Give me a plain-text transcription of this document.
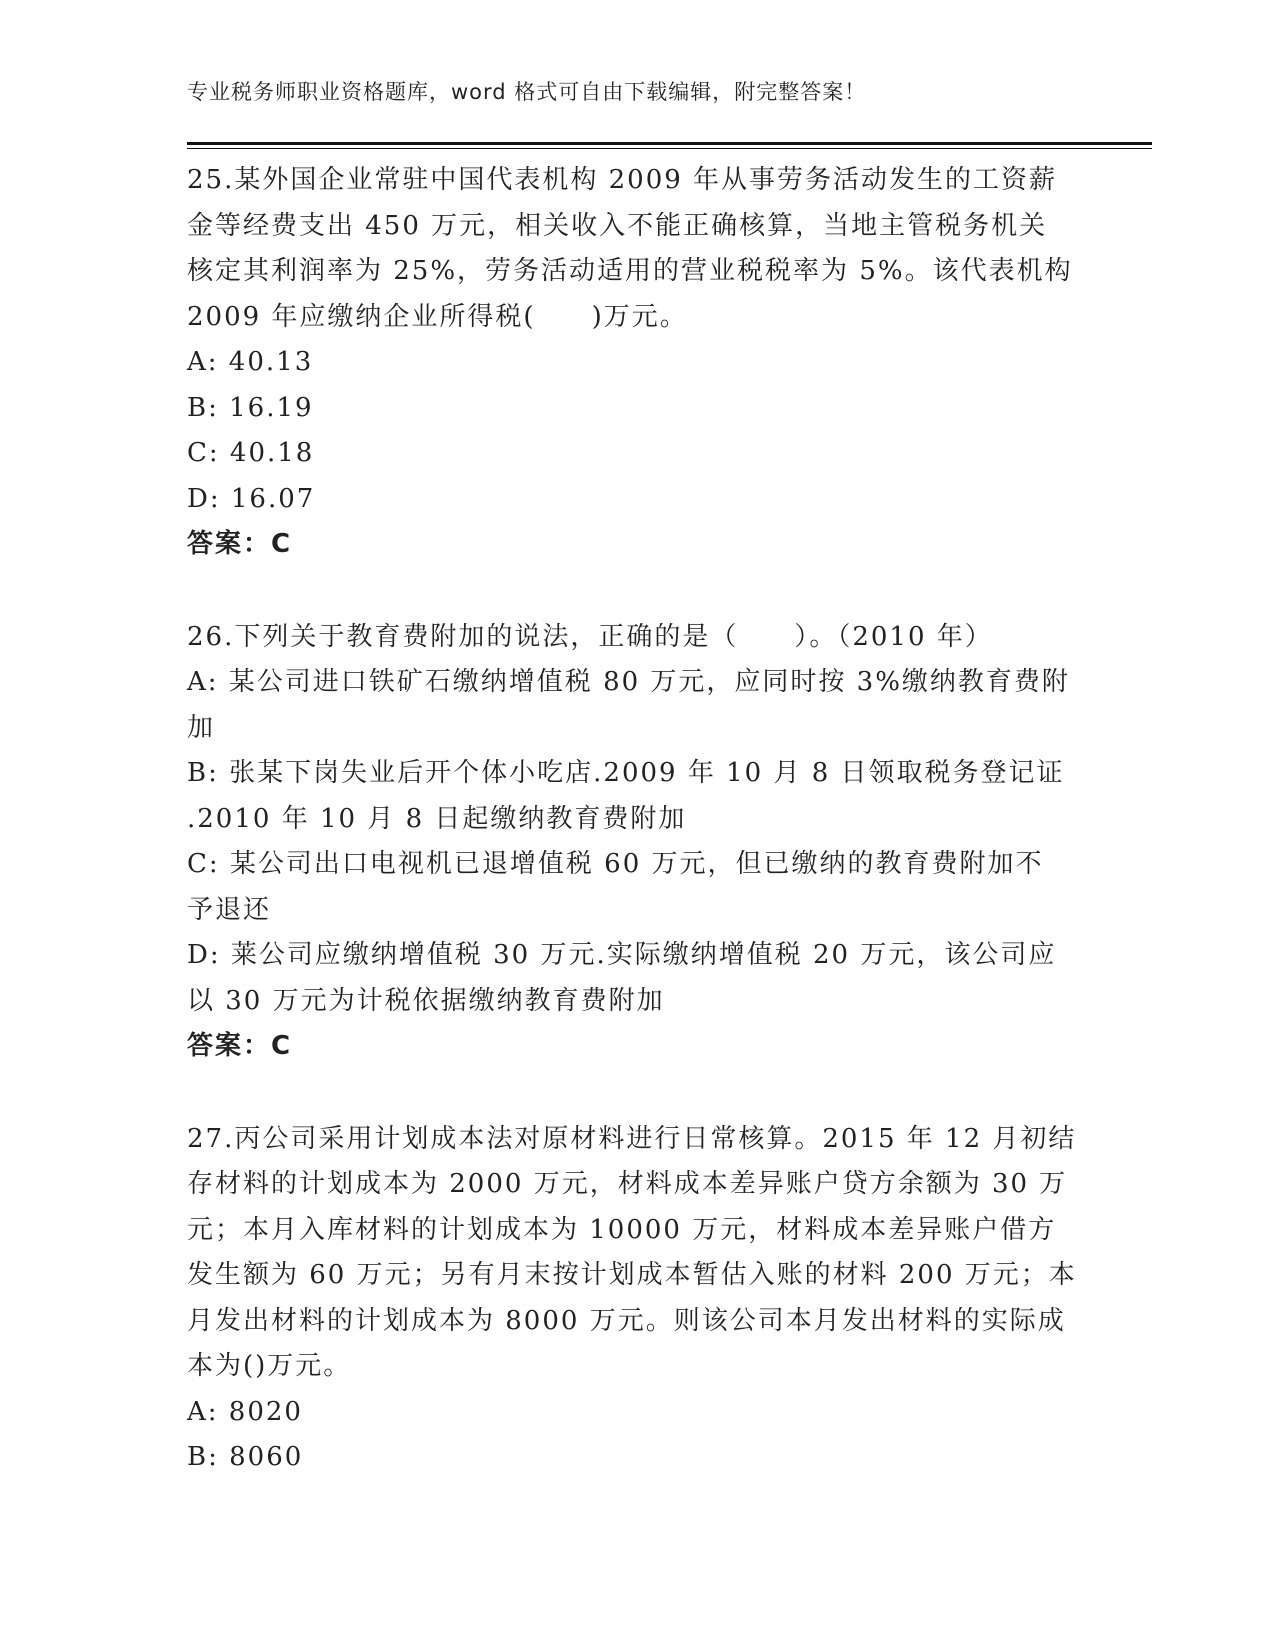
专业税务师职业资格题库，word 格式可自由下载编辑，附完整答案！
25.某外国企业常驻中国代表机构 2009 年从事劳务活动发生的工资薪
金等经费支出 450 万元，相关收入不能正确核算，当地主管税务机关
核定其利润率为 25%，劳务活动适用的营业税税率为 5%。该代表机构
2009 年应缴纳企业所得税(　　)万元。
A: 40.13
B: 16.19
C: 40.18
D: 16.07
答案：C
26.下列关于教育费附加的说法，正确的是（　　）。（2010 年）
A: 某公司进口铁矿石缴纳增值税 80 万元，应同时按 3%缴纳教育费附
加
B: 张某下岗失业后开个体小吃店.2009 年 10 月 8 日领取税务登记证
.2010 年 10 月 8 日起缴纳教育费附加
C: 某公司出口电视机已退增值税 60 万元，但已缴纳的教育费附加不
予退还
D: 莱公司应缴纳增值税 30 万元.实际缴纳增值税 20 万元，该公司应
以 30 万元为计税依据缴纳教育费附加
答案：C
27.丙公司采用计划成本法对原材料进行日常核算。2015 年 12 月初结
存材料的计划成本为 2000 万元，材料成本差异账户贷方余额为 30 万
元；本月入库材料的计划成本为 10000 万元，材料成本差异账户借方
发生额为 60 万元；另有月末按计划成本暂估入账的材料 200 万元；本
月发出材料的计划成本为 8000 万元。则该公司本月发出材料的实际成
本为()万元。
A: 8020
B: 8060
